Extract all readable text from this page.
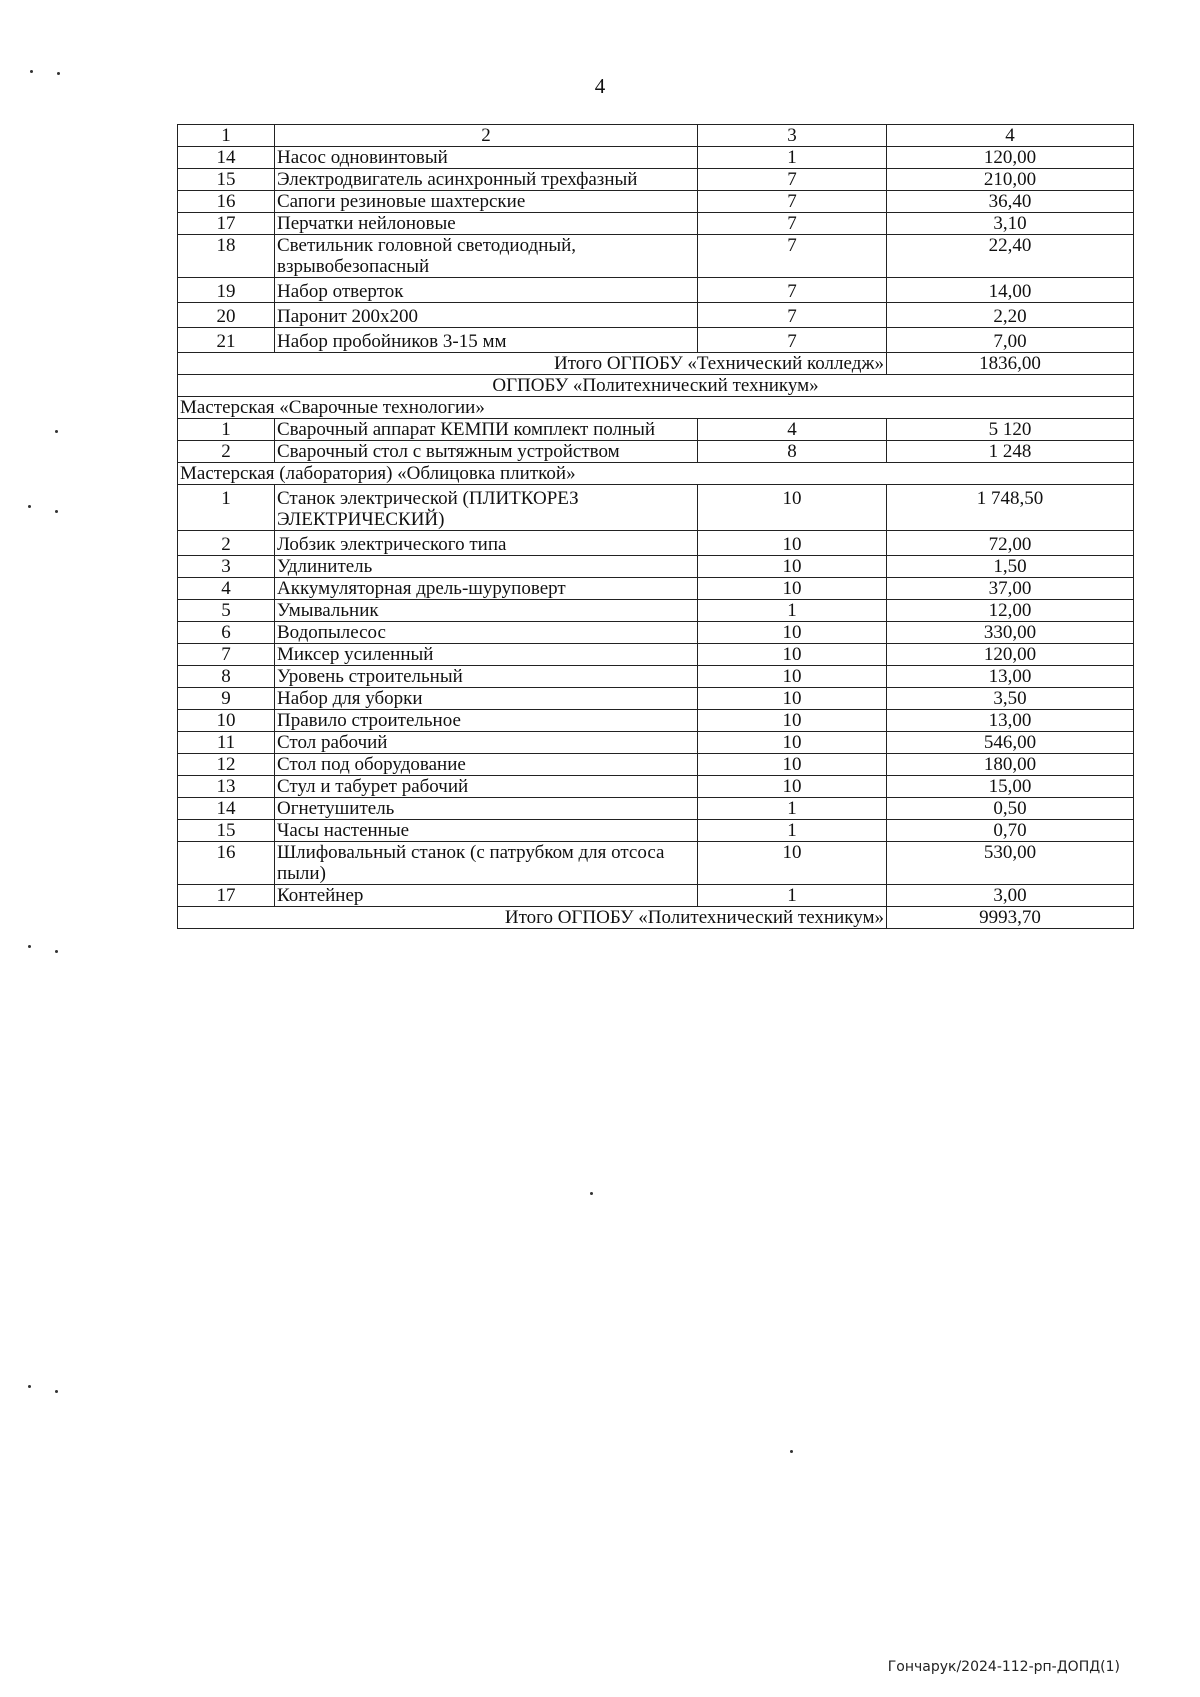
4
1	2	3	4
14	Насос одновинтовый	1	120,00
15	Электродвигатель асинхронный трехфазный	7	210,00
16	Сапоги резиновые шахтерские	7	36,40
17	Перчатки нейлоновые	7	3,10
18	Светильник головной светодиодный, взрывобезопасный	7	22,40
19	Набор отверток	7	14,00
20	Паронит 200х200	7	2,20
21	Набор пробойников 3-15 мм	7	7,00
Итого ОГПОБУ «Технический колледж»			1836,00
ОГПОБУ «Политехнический техникум»			
Мастерская «Сварочные технологии»			
1	Сварочный аппарат КЕМПИ комплект полный	4	5 120
2	Сварочный стол с вытяжным устройством	8	1 248
Мастерская (лаборатория) «Облицовка плиткой»			
1	Станок электрической (ПЛИТКОРЕЗ ЭЛЕКТРИЧЕСКИЙ)	10	1 748,50
2	Лобзик электрического типа	10	72,00
3	Удлинитель	10	1,50
4	Аккумуляторная дрель-шуруповерт	10	37,00
5	Умывальник	1	12,00
6	Водопылесос	10	330,00
7	Миксер усиленный	10	120,00
8	Уровень строительный	10	13,00
9	Набор для уборки	10	3,50
10	Правило строительное	10	13,00
11	Стол рабочий	10	546,00
12	Стол под оборудование	10	180,00
13	Стул и табурет рабочий	10	15,00
14	Огнетушитель	1	0,50
15	Часы настенные	1	0,70
16	Шлифовальный станок (с патрубком для отсоса пыли)	10	530,00
17	Контейнер	1	3,00
Итого ОГПОБУ «Политехнический техникум»			9993,70
Гончарук/2024-112-рп-ДОПД(1)
